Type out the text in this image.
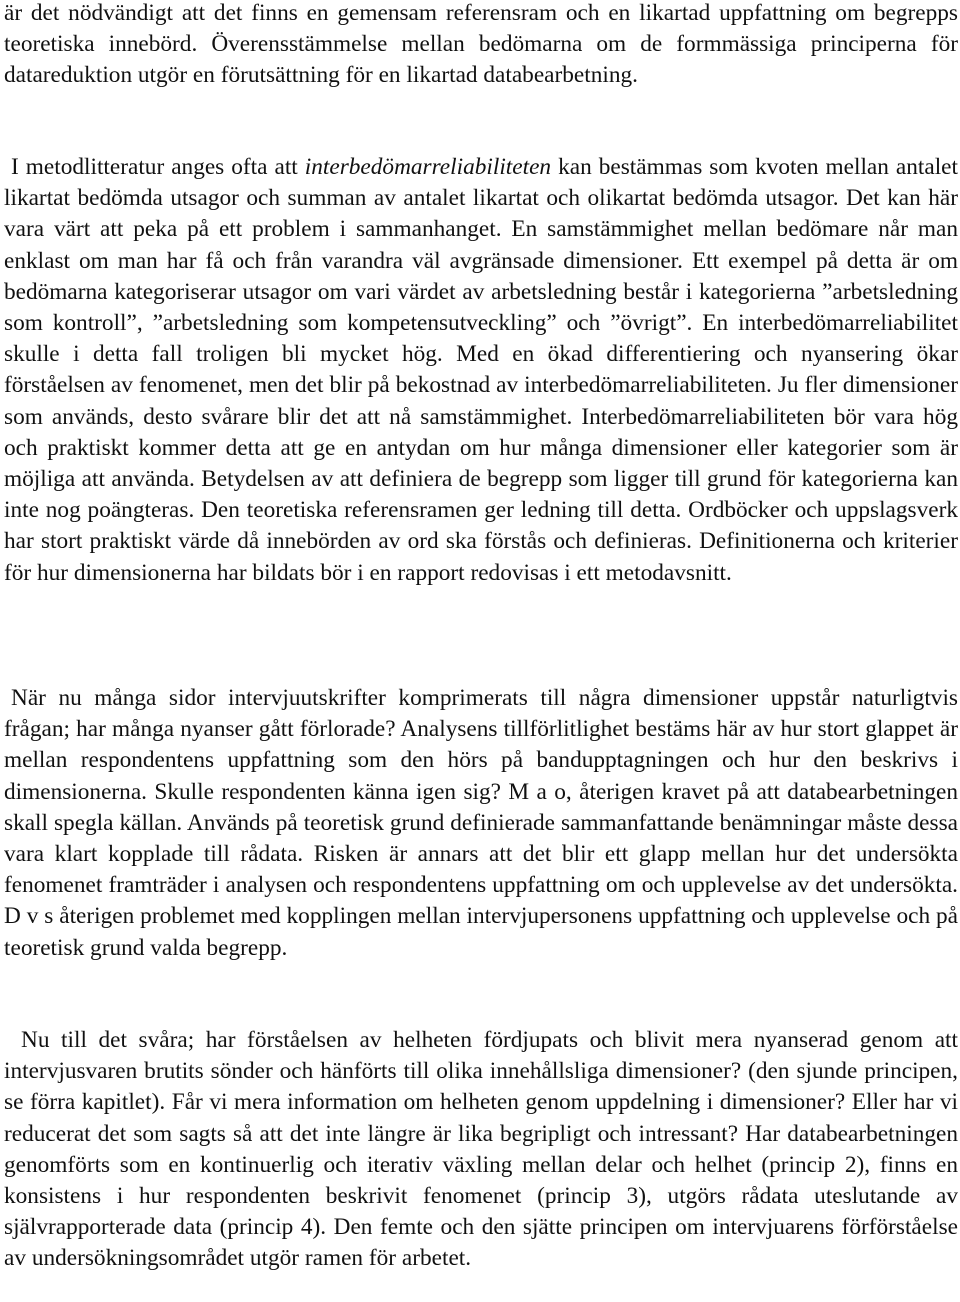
är det nödvändigt att det finns en gemensam referensram och en likartad uppfattning om begrepps teoretiska innebörd. Överensstämmelse mellan bedömarna om de formmässiga principerna för datareduktion utgör en förutsättning för en likartad databearbetning.

I metodlitteratur anges ofta att interbedömarreliabiliteten kan bestämmas som kvoten mellan antalet likartat bedömda utsagor och summan av antalet likartat och olikartat bedömda utsagor. Det kan här vara värt att peka på ett problem i sammanhanget. En samstämmighet mellan bedömare når man enklast om man har få och från varandra väl avgränsade dimensioner. Ett exempel på detta är om bedömarna kategoriserar utsagor om vari värdet av arbetsledning består i kategorierna ”arbetsledning som kontroll”, ”arbetsledning som kompetensutveckling” och ”övrigt”. En interbedömarreliabilitet skulle i detta fall troligen bli mycket hög. Med en ökad differentiering och nyansering ökar förståelsen av fenomenet, men det blir på bekostnad av interbedömarreliabiliteten. Ju fler dimensioner som används, desto svårare blir det att nå samstämmighet. Interbedömarreliabiliteten bör vara hög och praktiskt kommer detta att ge en antydan om hur många dimensioner eller kategorier som är möjliga att använda. Betydelsen av att definiera de begrepp som ligger till grund för kategorierna kan inte nog poängteras. Den teoretiska referensramen ger ledning till detta. Ordböcker och uppslagsverk har stort praktiskt värde då innebörden av ord ska förstås och definieras. Definitionerna och kriterier för hur dimensionerna har bildats bör i en rapport redovisas i ett metodavsnitt.

När nu många sidor intervjuutskrifter komprimerats till några dimensioner uppstår naturligtvis frågan; har många nyanser gått förlorade? Analysens tillförlitlighet bestäms här av hur stort glappet är mellan respondentens uppfattning som den hörs på bandupptagningen och hur den beskrivs i dimensionerna. Skulle respondenten känna igen sig? M a o, återigen kravet på att databearbetningen skall spegla källan. Används på teoretisk grund definierade sammanfattande benämningar måste dessa vara klart kopplade till rådata. Risken är annars att det blir ett glapp mellan hur det undersökta fenomenet framträder i analysen och respondentens uppfattning om och upplevelse av det undersökta. D v s återigen problemet med kopplingen mellan intervjupersonens uppfattning och upplevelse och på teoretisk grund valda begrepp.

Nu till det svåra; har förståelsen av helheten fördjupats och blivit mera nyanserad genom att intervjusvaren brutits sönder och hänförts till olika innehållsliga dimensioner? (den sjunde principen, se förra kapitlet). Får vi mera information om helheten genom uppdelning i dimensioner? Eller har vi reducerat det som sagts så att det inte längre är lika begripligt och intressant? Har databearbetningen genomförts som en kontinuerlig och iterativ växling mellan delar och helhet (princip 2), finns en konsistens i hur respondenten beskrivit fenomenet (princip 3), utgörs rådata uteslutande av självrapporterade data (princip 4). Den femte och den sjätte principen om intervjuarens förförståelse av undersökningsområdet utgör ramen för arbetet.
